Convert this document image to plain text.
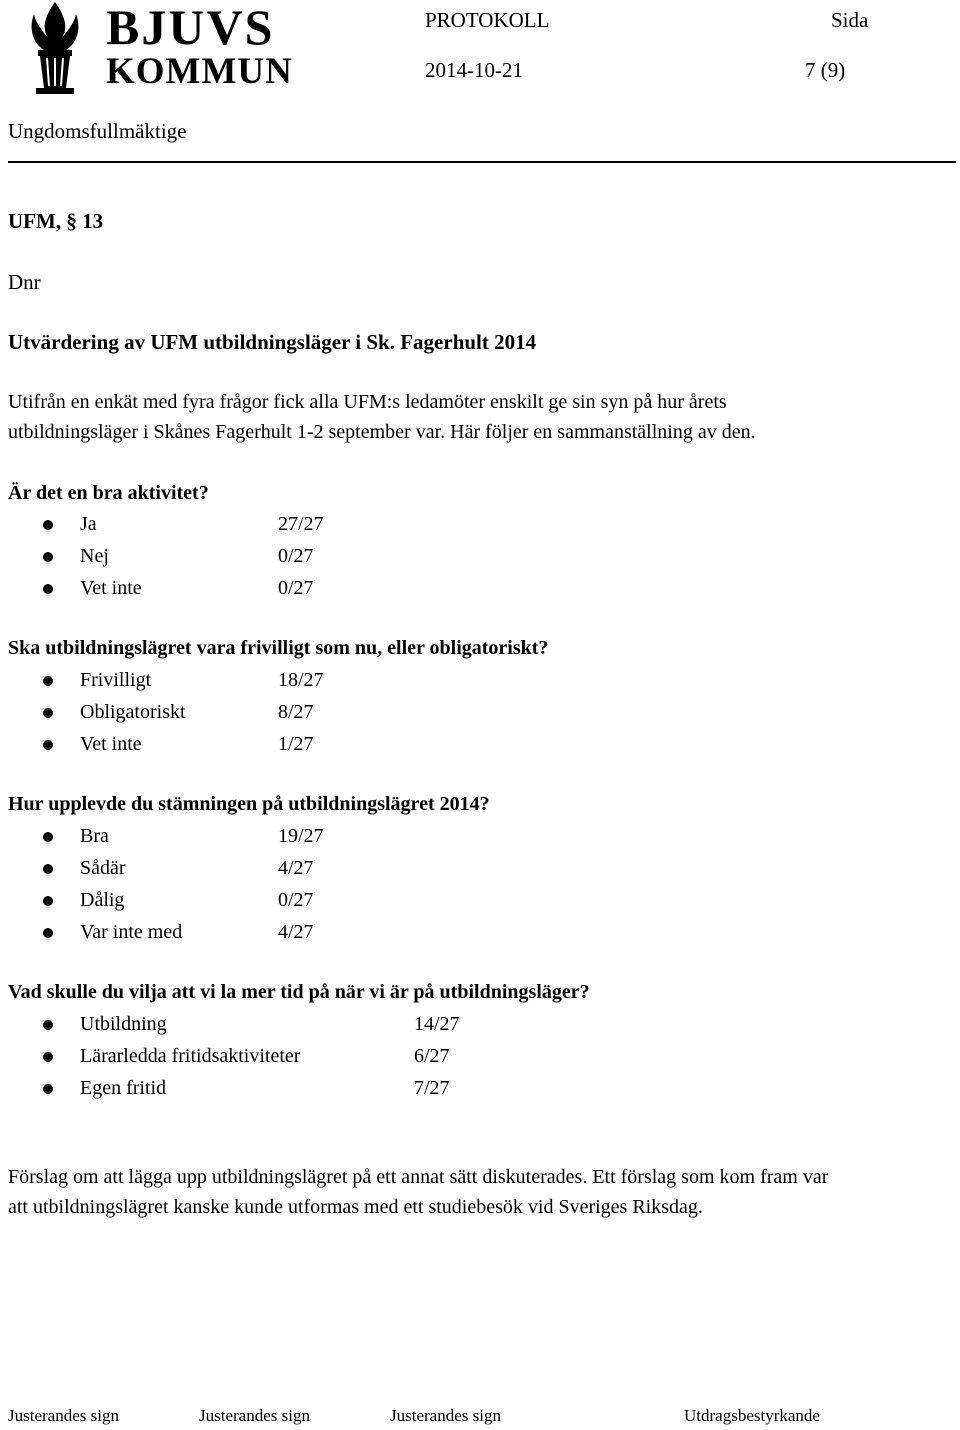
BJUVS
KOMMUN
PROTOKOLL	Sida
2014-10-21	7 (9)
Ungdomsfullmäktige
UFM, § 13
Dnr
Utvärdering av UFM utbildningsläger i Sk. Fagerhult 2014
Utifrån en enkät med fyra frågor fick alla UFM:s ledamöter enskilt ge sin syn på hur årets
utbildningsläger i Skånes Fagerhult 1-2 september var. Här följer en sammanställning av den.
Är det en bra aktivitet?
Ja	27/27
Nej	0/27
Vet inte	0/27
Ska utbildningslägret vara frivilligt som nu, eller obligatoriskt?
Frivilligt	18/27
Obligatoriskt	8/27
Vet inte	1/27
Hur upplevde du stämningen på utbildningslägret 2014?
Bra	19/27
Sådär	4/27
Dålig	0/27
Var inte med	4/27
Vad skulle du vilja att vi la mer tid på när vi är på utbildningsläger?
Utbildning	14/27
Lärarledda fritidsaktiviteter	6/27
Egen fritid	7/27
Förslag om att lägga upp utbildningslägret på ett annat sätt diskuterades. Ett förslag som kom fram var
att utbildningslägret kanske kunde utformas med ett studiebesök vid Sveriges Riksdag.
Justerandes sign	Justerandes sign	Justerandes sign	Utdragsbestyrkande
